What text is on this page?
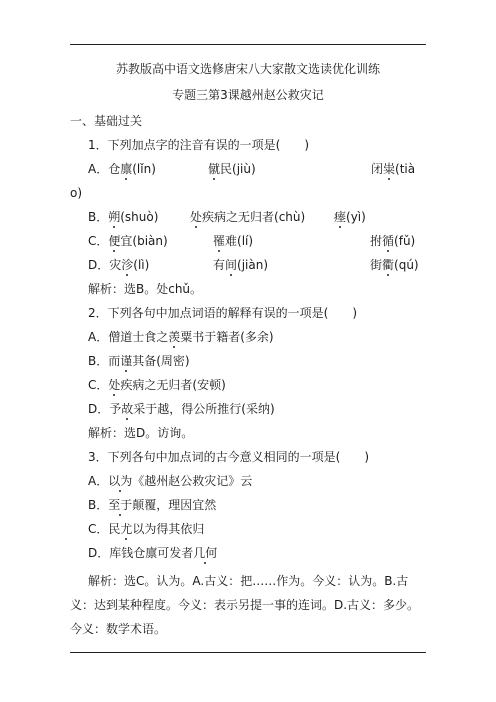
苏教版高中语文选修唐宋八大家散文选读优化训练
专题三第3课越州赵公救灾记
一、基础过关
1．下列加点字的注音有误的一项是(　　)
A．仓廪(lǐn)	僦民(jiù)	闭粜(tià
o)
B．朔(shuò)	处疾病之无归者(chù) 瘗(yì)
C．便宜(biàn)	罹难(lí)	拊循(fǔ)
D．灾沴(lì)	有间(jiàn)	街衢(qú)
解析：选B。处chǔ。
2．下列各句中加点词语的解释有误的一项是(　　)
A．僧道士食之羡粟书于籍者(多余)
B．而谨其备(周密)
C．处疾病之无归者(安顿)
D．予故采于越，得公所推行(采纳)
解析：选D。访询。
3．下列各句中加点词的古今意义相同的一项是(　　)
A．以为《越州赵公救灾记》云
B．至于颠覆，理因宜然
C．民尤以为得其依归
D．库钱仓廪可发者几何
解析：选C。认为。A.古义：把……作为。今义：认为。B.古
义：达到某种程度。今义：表示另提一事的连词。D.古义：多少。
今义：数学术语。
